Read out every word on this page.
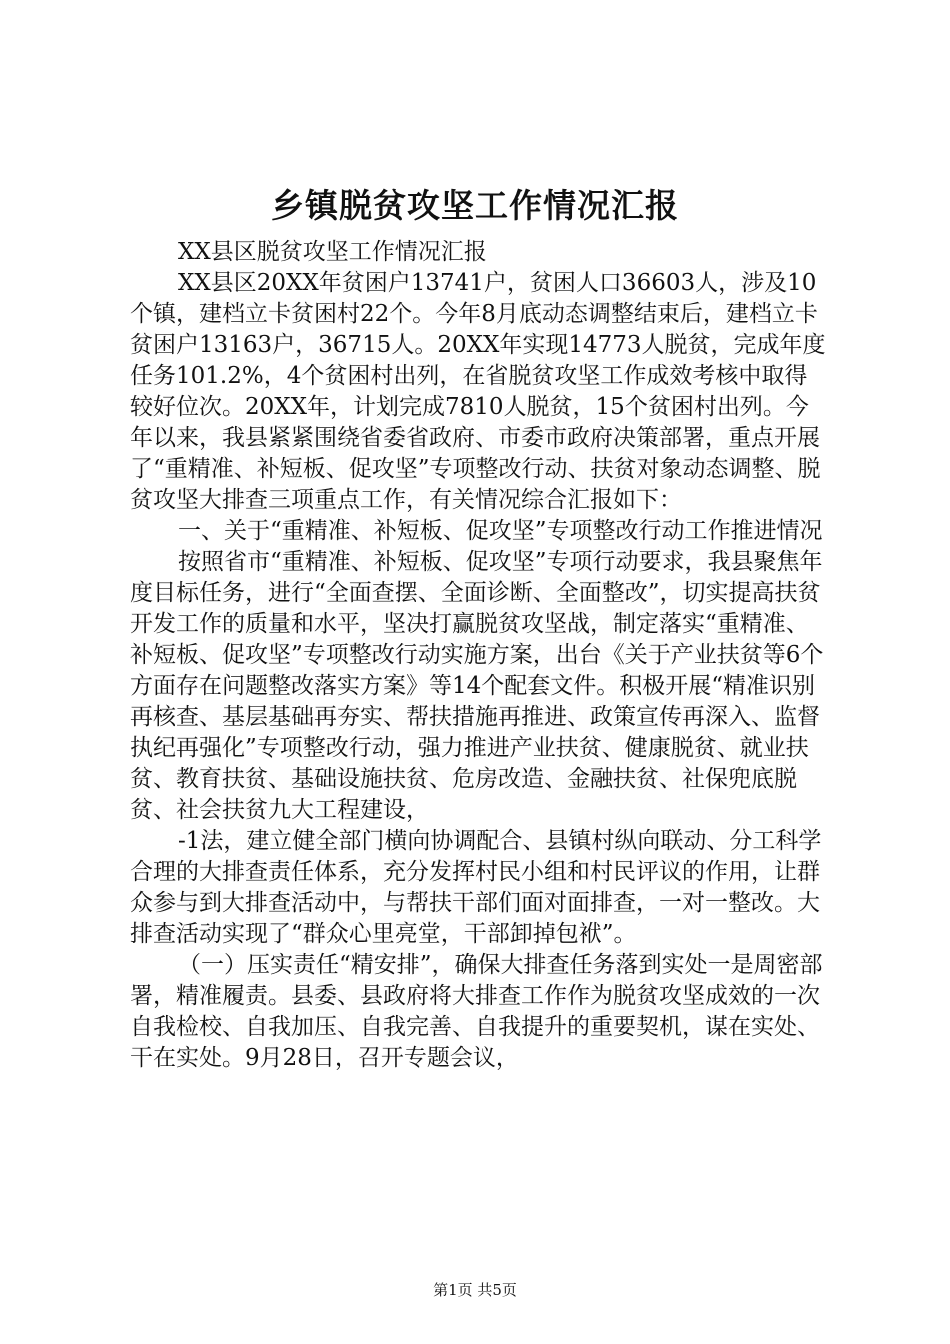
乡镇脱贫攻坚工作情况汇报

XX县区脱贫攻坚工作情况汇报

XX县区20XX年贫困户13741户，贫困人口36603人，涉及10个镇，建档立卡贫困村22个。今年8月底动态调整结束后，建档立卡贫困户13163户，36715人。20XX年实现14773人脱贫，完成年度任务101.2%，4个贫困村出列，在省脱贫攻坚工作成效考核中取得较好位次。20XX年，计划完成7810人脱贫，15个贫困村出列。今年以来，我县紧紧围绕省委省政府、市委市政府决策部署，重点开展了“重精准、补短板、促攻坚”专项整改行动、扶贫对象动态调整、脱贫攻坚大排查三项重点工作，有关情况综合汇报如下：

一、关于“重精准、补短板、促攻坚”专项整改行动工作推进情况

按照省市“重精准、补短板、促攻坚”专项行动要求，我县聚焦年度目标任务，进行“全面查摆、全面诊断、全面整改”，切实提高扶贫开发工作的质量和水平，坚决打赢脱贫攻坚战，制定落实“重精准、补短板、促攻坚”专项整改行动实施方案，出台《关于产业扶贫等6个方面存在问题整改落实方案》等14个配套文件。积极开展“精准识别再核查、基层基础再夯实、帮扶措施再推进、政策宣传再深入、监督执纪再强化”专项整改行动，强力推进产业扶贫、健康脱贫、就业扶贫、教育扶贫、基础设施扶贫、危房改造、金融扶贫、社保兜底脱贫、社会扶贫九大工程建设，

-1法，建立健全部门横向协调配合、县镇村纵向联动、分工科学合理的大排查责任体系，充分发挥村民小组和村民评议的作用，让群众参与到大排查活动中，与帮扶干部们面对面排查，一对一整改。大排查活动实现了“群众心里亮堂，干部卸掉包袱”。

（一）压实责任“精安排”，确保大排查任务落到实处一是周密部署，精准履责。县委、县政府将大排查工作作为脱贫攻坚成效的一次自我检校、自我加压、自我完善、自我提升的重要契机，谋在实处、干在实处。9月28日，召开专题会议，

第1页 共5页
